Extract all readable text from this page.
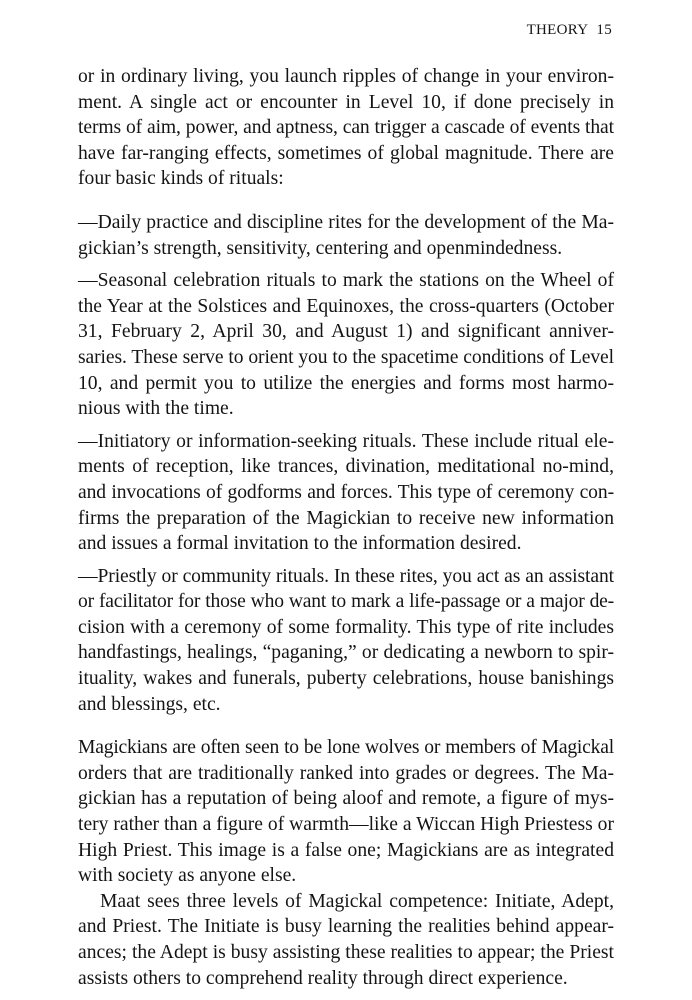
THEORY 15
or in ordinary living, you launch ripples of change in your environ-
ment. A single act or encounter in Level 10, if done precisely in
terms of aim, power, and aptness, can trigger a cascade of events that
have far-ranging effects, sometimes of global magnitude. There are
four basic kinds of rituals:
—Daily practice and discipline rites for the development of the Ma-
gickian’s strength, sensitivity, centering and openmindedness.
—Seasonal celebration rituals to mark the stations on the Wheel of
the Year at the Solstices and Equinoxes, the cross-quarters (October
31, February 2, April 30, and August 1) and significant anniver-
saries. These serve to orient you to the spacetime conditions of Level
10, and permit you to utilize the energies and forms most harmo-
nious with the time.
—Initiatory or information-seeking rituals. These include ritual ele-
ments of reception, like trances, divination, meditational no-mind,
and invocations of godforms and forces. This type of ceremony con-
firms the preparation of the Magickian to receive new information
and issues a formal invitation to the information desired.
—Priestly or community rituals. In these rites, you act as an assistant
or facilitator for those who want to mark a life-passage or a major de-
cision with a ceremony of some formality. This type of rite includes
handfastings, healings, “paganing,” or dedicating a newborn to spir-
ituality, wakes and funerals, puberty celebrations, house banishings
and blessings, etc.
Magickians are often seen to be lone wolves or members of Magickal
orders that are traditionally ranked into grades or degrees. The Ma-
gickian has a reputation of being aloof and remote, a figure of mys-
tery rather than a figure of warmth—like a Wiccan High Priestess or
High Priest. This image is a false one; Magickians are as integrated
with society as anyone else.
Maat sees three levels of Magickal competence: Initiate, Adept,
and Priest. The Initiate is busy learning the realities behind appear-
ances; the Adept is busy assisting these realities to appear; the Priest
assists others to comprehend reality through direct experience.
